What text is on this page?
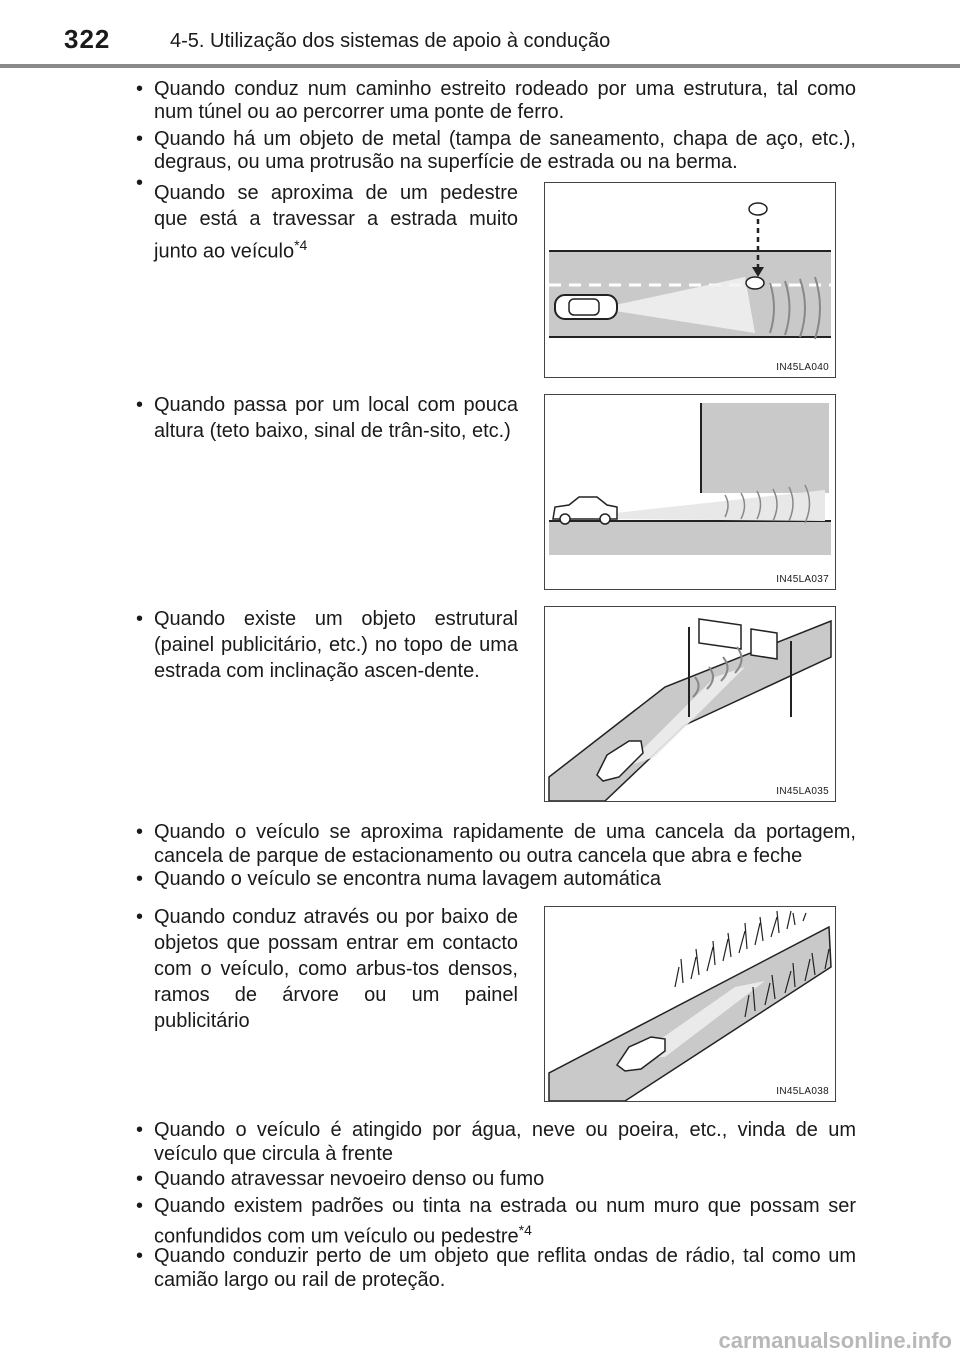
322	4-5. Utilização dos sistemas de apoio à condução
• Quando conduz num caminho estreito rodeado por uma estrutura, tal como num túnel ou ao percorrer uma ponte de ferro.
• Quando há um objeto de metal (tampa de saneamento, chapa de aço, etc.), degraus, ou uma protrusão na superfície de estrada ou na berma.
• Quando se aproxima de um pedestre que está a travessar a estrada muito junto ao veículo$^{*4}$
IN45LA040
• Quando passa por um local com pouca altura (teto baixo, sinal de trân-sito, etc.)
IN45LA037
• Quando existe um objeto estrutural (painel publicitário, etc.) no topo de uma estrada com inclinação ascen-dente.
IN45LA035
• Quando o veículo se aproxima rapidamente de uma cancela da portagem, cancela de parque de estacionamento ou outra cancela que abra e feche
• Quando o veículo se encontra numa lavagem automática
• Quando conduz através ou por baixo de objetos que possam entrar em contacto com o veículo, como arbus-tos densos, ramos de árvore ou um painel publicitário
IN45LA038
• Quando o veículo é atingido por água, neve ou poeira, etc., vinda de um veículo que circula à frente
• Quando atravessar nevoeiro denso ou fumo
• Quando existem padrões ou tinta na estrada ou num muro que possam ser confundidos com um veículo ou pedestre$^{*4}$
• Quando conduzir perto de um objeto que reflita ondas de rádio, tal como um camião largo ou rail de proteção.
carmanualsonline.info
